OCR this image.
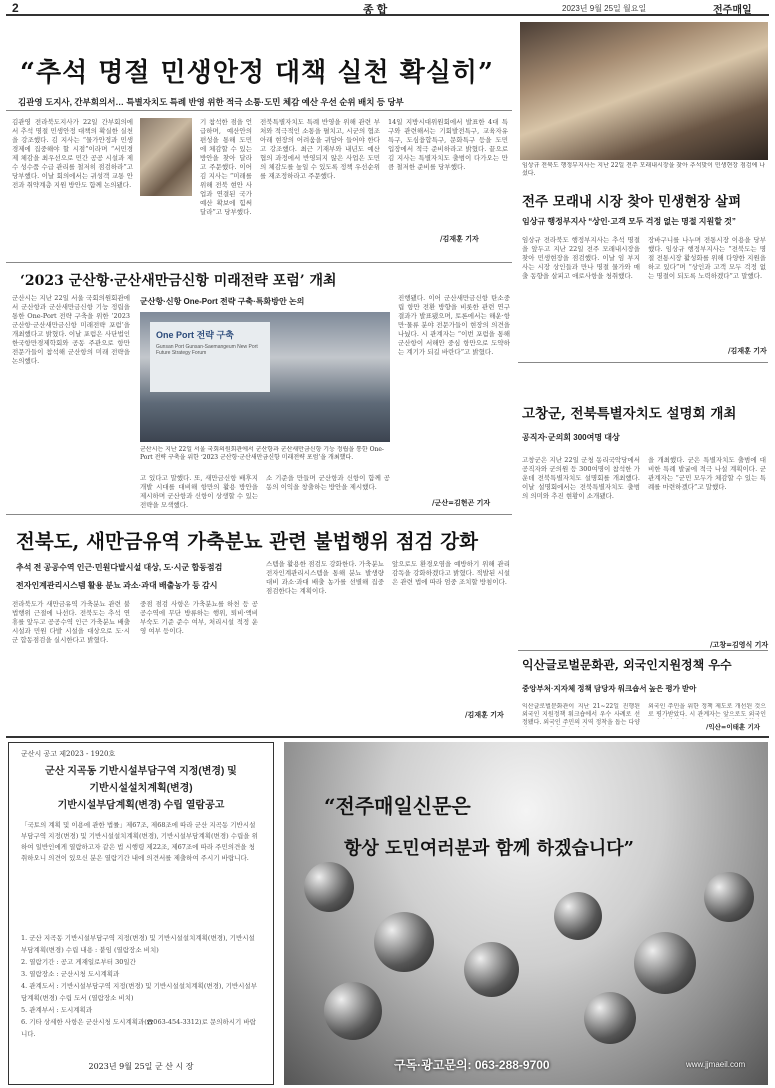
2	종 합	2023년 9월 25일 월요일	전주매일
“추석 명절 민생안정 대책 실천 확실히”
김관영 도지사, 간부회의서… 특별자치도 특례 반영 위한 적극 소통·도민 체감 예산 우선 순위 배치 등 당부
김관영 전라북도지사가 22일 간부회의에서 추석 명절 민생안정 대책의 확실한 실천을 강조했다. 김 지사는 “물가안정과 민생경제에 집중해야 할 시점”이라며 “서민경제 체감을 최우선으로 민간 공공 시설과 제수 성수품 수급 관리를 철저히 점검하라”고 당부했다. 이날 회의에서는 귀성객 교통 안전과 취약계층 지원 방안도 함께 논의됐다.
기 참석한 점을 언급하며, 예산안의 편성을 통해 도민에 체감할 수 있는 방안을 찾아 달라고 주문했다. 이어 김 지사는 “미래를 위해 전북 현안 사업과 연결된 국가예산 확보에 힘써 달라”고 당부했다.
전북특별자치도 특례 반영을 위해 관련 부처와 적극적인 소통을 펼치고, 시군의 협조 아래 현장의 어려움을 귀담아 들어야 한다고 강조했다. 최근 기재부와 내년도 예산 협의 과정에서 반영되지 않은 사업은 도민의 체감도를 높일 수 있도록 정책 우선순위를 재조정하라고 주문했다.
14일 지방시대위원회에서 발표한 4대 특구와 관련해서는 기회발전특구, 교육자유특구, 도심융합특구, 문화특구 등을 도민 입장에서 적극 준비하라고 밝혔다. 끝으로 김 지사는 특별자치도 출범이 다가오는 만큼 철저한 준비를 당부했다.
/김재훈 기자
임상규 전북도 행정부지사는 지난 22일 전주 모래내시장을 찾아 추석맞이 민생현장 점검에 나섰다.
전주 모래내 시장 찾아 민생현장 살펴
임상규 행정부지사 “상인·고객 모두 걱정 없는 명절 지원할 것”
임상규 전라북도 행정부지사는 추석 명절을 앞두고 지난 22일 전주 모래내시장을 찾아 민생현장을 점검했다. 이날 임 부지사는 시장 상인들과 만나 명절 물가와 매출 동향을 살피고 애로사항을 청취했다.
장바구니를 나누며 전통시장 이용을 당부했다. 임상규 행정부지사는 “전북도는 명절 전통시장 활성화를 위해 다양한 지원을 하고 있다”며 “상인과 고객 모두 걱정 없는 명절이 되도록 노력하겠다”고 말했다.
/김재훈 기자
‘2023 군산항·군산새만금신항 미래전략 포럼’ 개최
군산시는 지난 22일 서울 국회의원회관에서 군산항과 군산새만금신항 기능 정립을 통한 One-Port 전략 구축을 위한 ‘2023 군산항·군산새만금신항 미래전략 포럼’을 개최했다고 밝혔다. 이날 포럼은 사단법인 한국항만경제학회와 공동 주관으로 항만 전문가들이 참석해 군산항의 미래 전략을 논의했다.
군산항·신항 One-Port 전략 구축·특화방안 논의
One Port 전략 구축
Gunsan Port Gunsan-Saemangeum New Port Future Strategy Forum
군산시는 지난 22일 서울 국회의원회관에서 군산항과 군산새만금신항 기능 정립을 통한 One-Port 전략 구축을 위한 ‘2023 군산항·군산새만금신항 미래전략 포럼’을 개최했다.
고 있다고 말했다. 또, 새만금신항 배후지 개발 시대를 대비해 항만의 활용 방안을 제시하며 군산항과 신항이 상생할 수 있는 전략을 모색했다.
소 기준을 만들며 군산항과 신항이 함께 공동의 이익을 창출하는 방안을 제시했다.
진행됐다. 이어 군산새만금신항 탄소중립 항만 전환 방향을 비롯한 관련 연구 결과가 발표됐으며, 토론에서는 해운·항만·물류 분야 전문가들이 현장의 의견을 나눴다. 시 관계자는 “이번 포럼을 통해 군산항이 서해안 중심 항만으로 도약하는 계기가 되길 바란다”고 밝혔다.
/군산=김현곤 기자
고창군, 전북특별자치도 설명회 개최
공직자·군의회 300여명 대상
고창군은 지난 22일 군청 동리국악당에서 공직자와 군의원 등 300여명이 참석한 가운데 전북특별자치도 설명회를 개최했다. 이날 설명회에서는 전북특별자치도 출범의 의미와 추진 현황이 소개됐다.
을 개최했다. 군은 특별자치도 출범에 대비한 특례 발굴에 적극 나설 계획이다. 군 관계자는 “군민 모두가 체감할 수 있는 특례를 마련하겠다”고 말했다.
/고창=김영식 기자
전북도, 새만금유역 가축분뇨 관련 불법행위 점검 강화
추석 전 공공수역 인근·민원다발시설 대상, 도·시군 합동점검
전자인계관리시스템 활용 분뇨 과소·과대 배출농가 등 감시
전라북도가 새만금유역 가축분뇨 관련 불법행위 근절에 나선다. 전북도는 추석 연휴를 앞두고 공공수역 인근 가축분뇨 배출시설과 민원 다발 시설을 대상으로 도·시군 합동점검을 실시한다고 밝혔다.
중점 점검 사항은 가축분뇨를 하천 등 공공수역에 무단 방류하는 행위, 퇴비·액비 부숙도 기준 준수 여부, 처리시설 적정 운영 여부 등이다.
스템을 활용한 점검도 강화한다. 가축분뇨 전자인계관리시스템을 통해 분뇨 발생량 대비 과소·과대 배출 농가를 선별해 집중 점검한다는 계획이다.
앞으로도 환경오염을 예방하기 위해 관리 감독을 강화하겠다고 밝혔다. 적발된 시설은 관련 법에 따라 엄중 조치할 방침이다.
/김재훈 기자
익산글로벌문화관, 외국인지원정책 우수
중앙부처·지자체 정책 담당자 워크숍서 높은 평가 받아
익산글로벌문화관이 지난 21~22일 진행된 외국인 지원정책 워크숍에서 우수 사례로 선정됐다. 외국인 주민의 지역 정착을 돕는 다양
외국인 주민을 위한 정책 제도로 개선된 것으로 평가받았다. 시 관계자는 앞으로도 외국인
/익산=이태훈 기자
군산시 공고 제2023 - 1920호
군산 지곡동 기반시설부담구역 지정(변경) 및
기반시설설치계획(변경)
기반시설부담계획(변경) 수립 열람공고
「국토의 계획 및 이용에 관한 법률」제67조, 제68조에 따라 군산 지곡동 기반시설부담구역 지정(변경) 및 기반시설설치계획(변경), 기반시설부담계획(변경) 수립을 위하여 일반인에게 열람하고자 같은 법 시행령 제22조, 제67조에 따라 주민의견을 청취하오니 의견이 있으신 분은 열람기간 내에 의견서를 제출하여 주시기 바랍니다.
1. 군산 지곡동 기반시설부담구역 지정(변경) 및 기반시설설치계획(변경), 기반시설부담계획(변경) 수립 내용 : 붙임 (열람장소 비치)
2. 열람기간 : 공고 게재일로부터 30일간
3. 열람장소 : 군산시청 도시계획과
4. 관계도서 : 기반시설부담구역 지정(변경) 및 기반시설설치계획(변경), 기반시설부담계획(변경) 수립 도서 (열람장소 비치)
5. 관계부서 : 도시계획과
6. 기타 상세한 사항은 군산시청 도시계획과(☎063-454-3312)로 문의하시기 바랍니다.
2023년 9월 25일 군 산 시 장
“전주매일신문은
항상 도민여러분과 함께 하겠습니다”
구독·광고문의: 063-288-9700	www.jjmaeil.com
